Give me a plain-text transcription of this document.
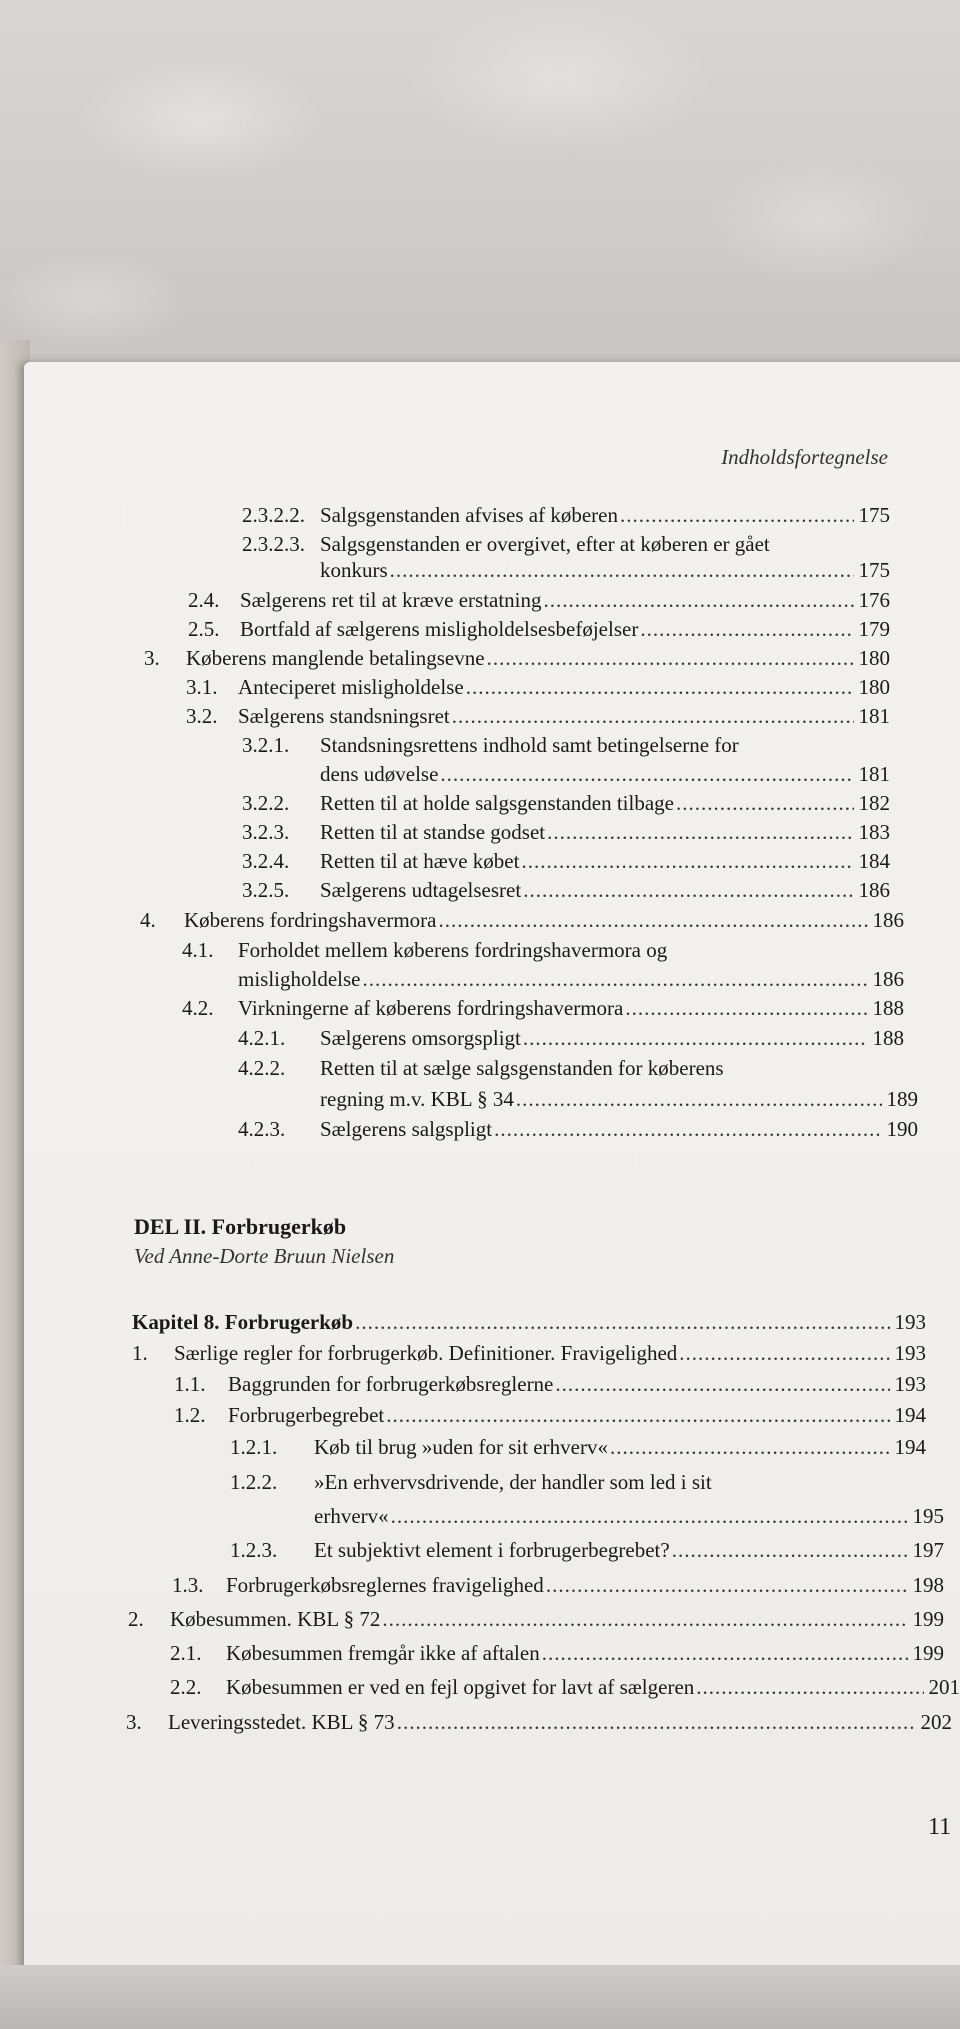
Indholdsfortegnelse
2.3.2.2. Salgsgenstanden afvises af køberen .....	175
2.3.2.3. Salgsgenstanden er overgivet, efter at køberen er gået
konkurs .....	175
2.4. Sælgerens ret til at kræve erstatning .....	176
2.5. Bortfald af sælgerens misligholdelsesbeføjelser .....	179
3.	Køberens manglende betalingsevne .....	180
3.1. Anteciperet misligholdelse .....	180
3.2. Sælgerens standsningsret .....	181
3.2.1.	Standsningsrettens indhold samt betingelserne for
dens udøvelse .....	181
3.2.2.	Retten til at holde salgsgenstanden tilbage .....	182
3.2.3.	Retten til at standse godset .....	183
3.2.4.	Retten til at hæve købet .....	184
3.2.5.	Sælgerens udtagelsesret .....	186
4.	Køberens fordringshavermora .....	186
4.1.	Forholdet mellem køberens fordringshavermora og
misligholdelse .....	186
4.2.	Virkningerne af køberens fordringshavermora .....	188
4.2.1.	Sælgerens omsorgspligt .....	188
4.2.2.	Retten til at sælge salgsgenstanden for køberens
regning m.v. KBL § 34 .....	189
4.2.3.	Sælgerens salgspligt .....	190
DEL II. Forbrugerkøb
Ved Anne-Dorte Bruun Nielsen
Kapitel 8. Forbrugerkøb .....	193
1.	Særlige regler for forbrugerkøb. Definitioner. Fravigelighed .....	193
1.1.	Baggrunden for forbrugerkøbsreglerne .....	193
1.2.	Forbrugerbegrebet .....	194
1.2.1.	Køb til brug »uden for sit erhverv« .....	194
1.2.2.	»En erhvervsdrivende, der handler som led i sit
erhverv« .....	195
1.2.3.	Et subjektivt element i forbrugerbegrebet? .....	197
1.3.	Forbrugerkøbsreglernes fravigelighed .....	198
2.	Købesummen. KBL § 72 .....	199
2.1.	Købesummen fremgår ikke af aftalen .....	199
2.2.	Købesummen er ved en fejl opgivet for lavt af sælgeren .....	201
3.	Leveringsstedet. KBL § 73 .....	202
11
